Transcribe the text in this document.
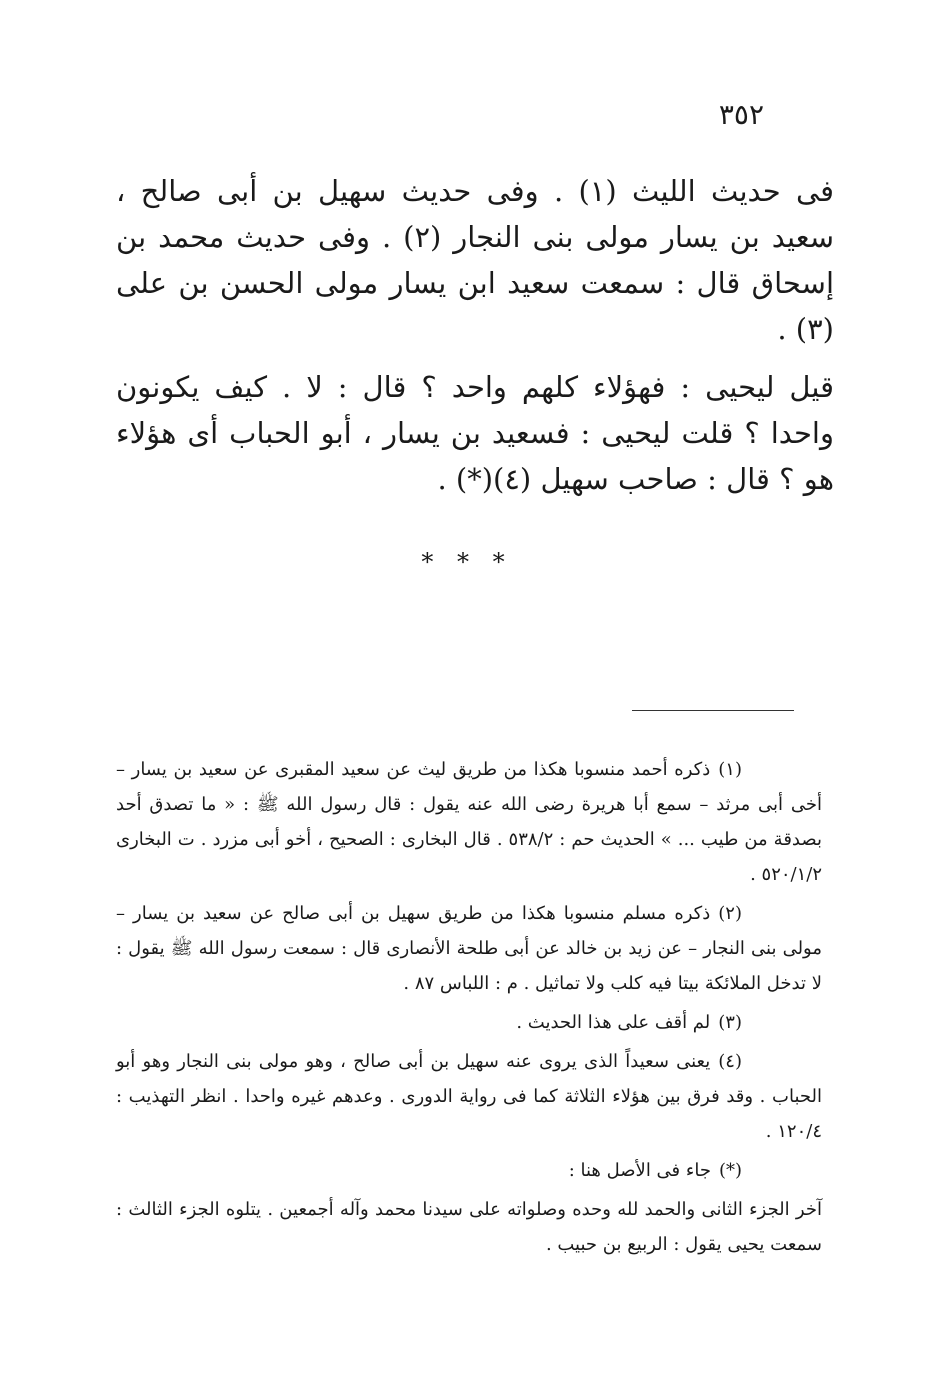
٣٥٢

فى حديث الليث (١) . وفى حديث سهيل بن أبى صالح ، سعيد بن يسار مولى بنى النجار (٢) . وفى حديث محمد بن إسحاق قال : سمعت سعيد ابن يسار مولى الحسن بن على (٣) .

قيل ليحيى : فهؤلاء كلهم واحد ؟ قال : لا . كيف يكونون واحدا ؟ قلت ليحيى : فسعيد بن يسار ، أبو الحباب أى هؤلاء هو ؟ قال : صاحب سهيل (٤)(*) .

* * *

(١)ذكره أحمد منسوبا هكذا من طريق ليث عن سعيد المقبرى عن سعيد بن يسار – أخى أبى مرثد – سمع أبا هريرة رضى الله عنه يقول : قال رسول الله ﷺ : « ما تصدق أحد بصدقة من طيب ... » الحديث حم : ٥٣٨/٢ . قال البخارى : الصحيح ، أخو أبى مزرد . ت البخارى ٥٢٠/١/٢ .

(٢)ذكره مسلم منسوبا هكذا من طريق سهيل بن أبى صالح عن سعيد بن يسار – مولى بنى النجار – عن زيد بن خالد عن أبى طلحة الأنصارى قال : سمعت رسول الله ﷺ يقول : لا تدخل الملائكة بيتا فيه كلب ولا تماثيل . م : اللباس ٨٧ .

(٣)لم أقف على هذا الحديث .

(٤)يعنى سعيداً الذى يروى عنه سهيل بن أبى صالح ، وهو مولى بنى النجار وهو أبو الحباب . وقد فرق بين هؤلاء الثلاثة كما فى رواية الدورى . وعدهم غيره واحدا . انظر التهذيب : ١٢٠/٤ .

(*)جاء فى الأصل هنا :

آخر الجزء الثانى والحمد لله وحده وصلواته على سيدنا محمد وآله أجمعين . يتلوه الجزء الثالث : سمعت يحيى يقول : الربيع بن حبيب .
